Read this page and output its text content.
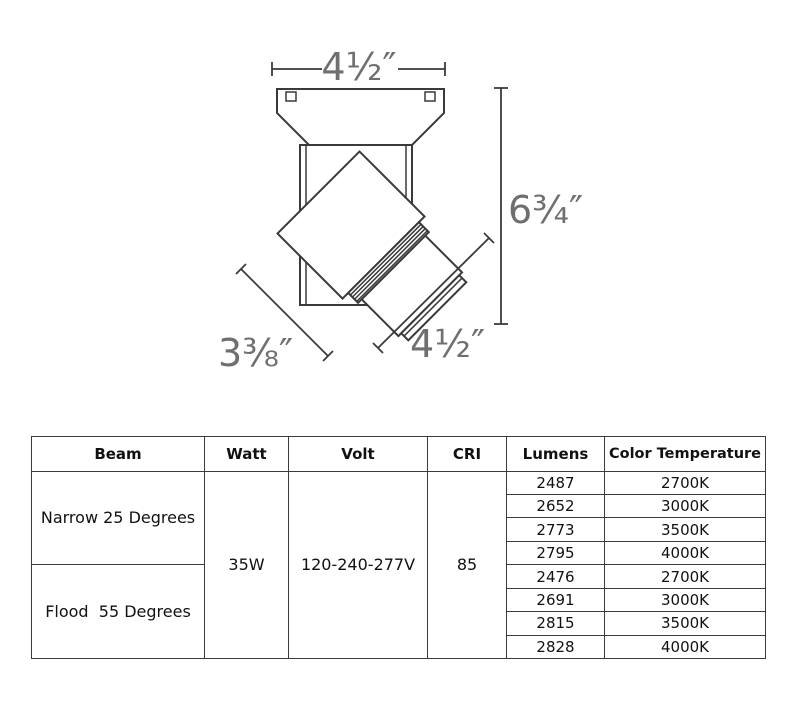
4½″
6¾″
3⅜″	4½″
Beam	Watt	Volt	CRI	Lumens	Color Temperature
Narrow 25 Degrees	35W	120-240-277V	85	2487	2700K
				2652	3000K
				2773	3500K
				2795	4000K
Flood  55 Degrees				2476	2700K
				2691	3000K
				2815	3500K
				2828	4000K
